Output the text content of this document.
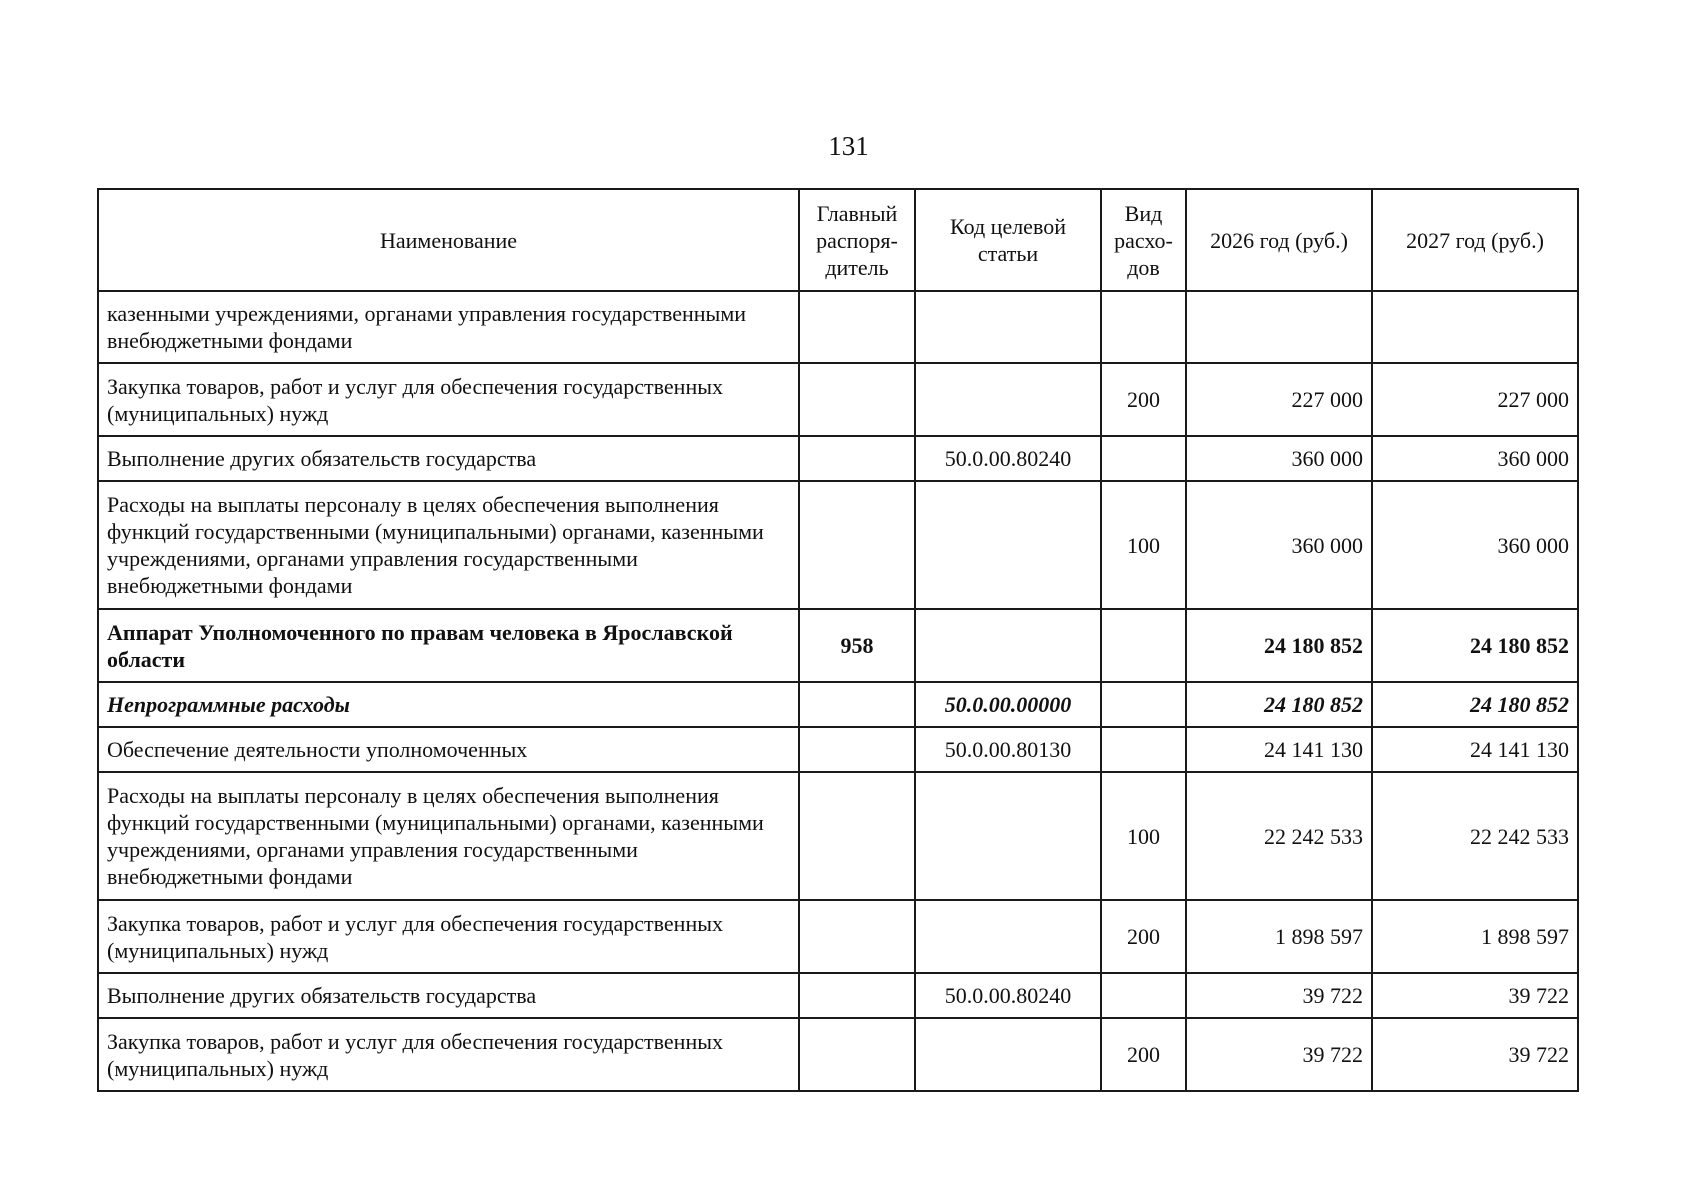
131
Наименование	Главный распоря-дитель	Код целевой статьи	Вид расхо-дов	2026 год (руб.)	2027 год (руб.)
казенными учреждениями, органами управления государственными внебюджетными фондами					
Закупка товаров, работ и услуг для обеспечения государственных (муниципальных) нужд			200	227 000	227 000
Выполнение других обязательств государства		50.0.00.80240		360 000	360 000
Расходы на выплаты персоналу в целях обеспечения выполнения функций государственными (муниципальными) органами, казенными учреждениями, органами управления государственными внебюджетными фондами			100	360 000	360 000
Аппарат Уполномоченного по правам человека в Ярославской области	958			24 180 852	24 180 852
Непрограммные расходы		50.0.00.00000		24 180 852	24 180 852
Обеспечение деятельности уполномоченных		50.0.00.80130		24 141 130	24 141 130
Расходы на выплаты персоналу в целях обеспечения выполнения функций государственными (муниципальными) органами, казенными учреждениями, органами управления государственными внебюджетными фондами			100	22 242 533	22 242 533
Закупка товаров, работ и услуг для обеспечения государственных (муниципальных) нужд			200	1 898 597	1 898 597
Выполнение других обязательств государства		50.0.00.80240		39 722	39 722
Закупка товаров, работ и услуг для обеспечения государственных (муниципальных) нужд			200	39 722	39 722
